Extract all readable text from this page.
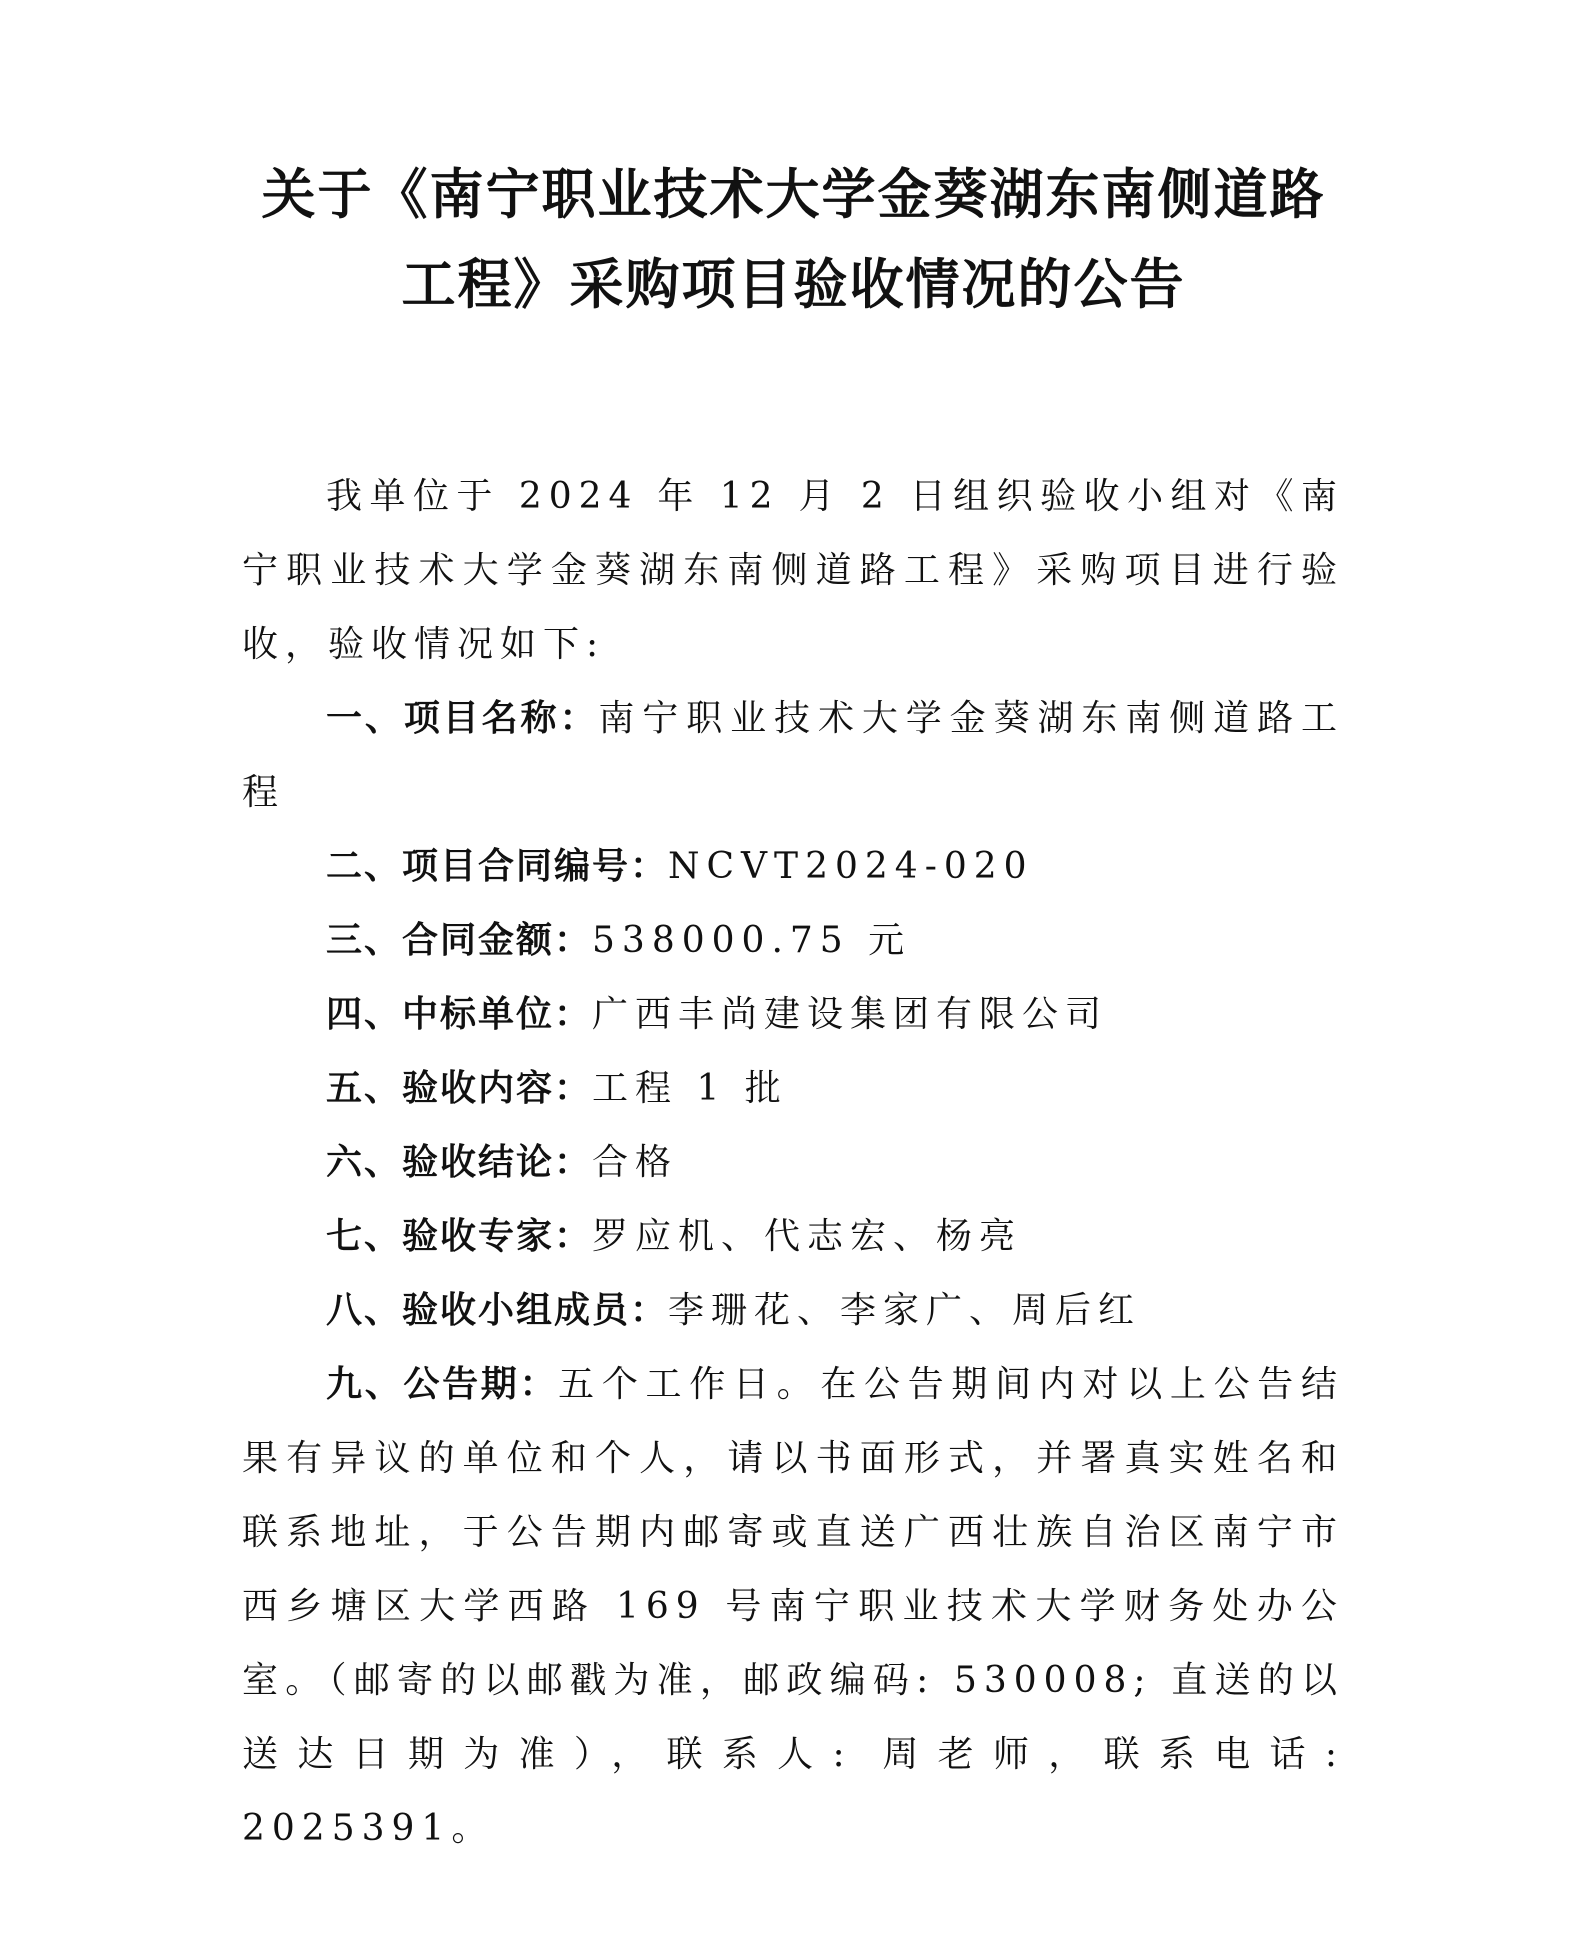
关于《南宁职业技术大学金葵湖东南侧道路
工程》采购项目验收情况的公告

我单位于 2024 年 12 月 2 日组织验收小组对《南宁职业技术大学金葵湖东南侧道路工程》采购项目进行验收，验收情况如下:

一、项目名称：南宁职业技术大学金葵湖东南侧道路工程

二、项目合同编号：NCVT2024-020

三、合同金额：538000.75 元

四、中标单位：广西丰尚建设集团有限公司

五、验收内容：工程 1 批

六、验收结论：合格

七、验收专家：罗应机、代志宏、杨亮

八、验收小组成员：李珊花、李家广、周后红

九、公告期：五个工作日。在公告期间内对以上公告结果有异议的单位和个人，请以书面形式，并署真实姓名和联系地址，于公告期内邮寄或直送广西壮族自治区南宁市西乡塘区大学西路 169 号南宁职业技术大学财务处办公室。（邮寄的以邮戳为准，邮政编码: 530008; 直送的以送达日期为准），联系人: 周老师，联系电话: 2025391。
